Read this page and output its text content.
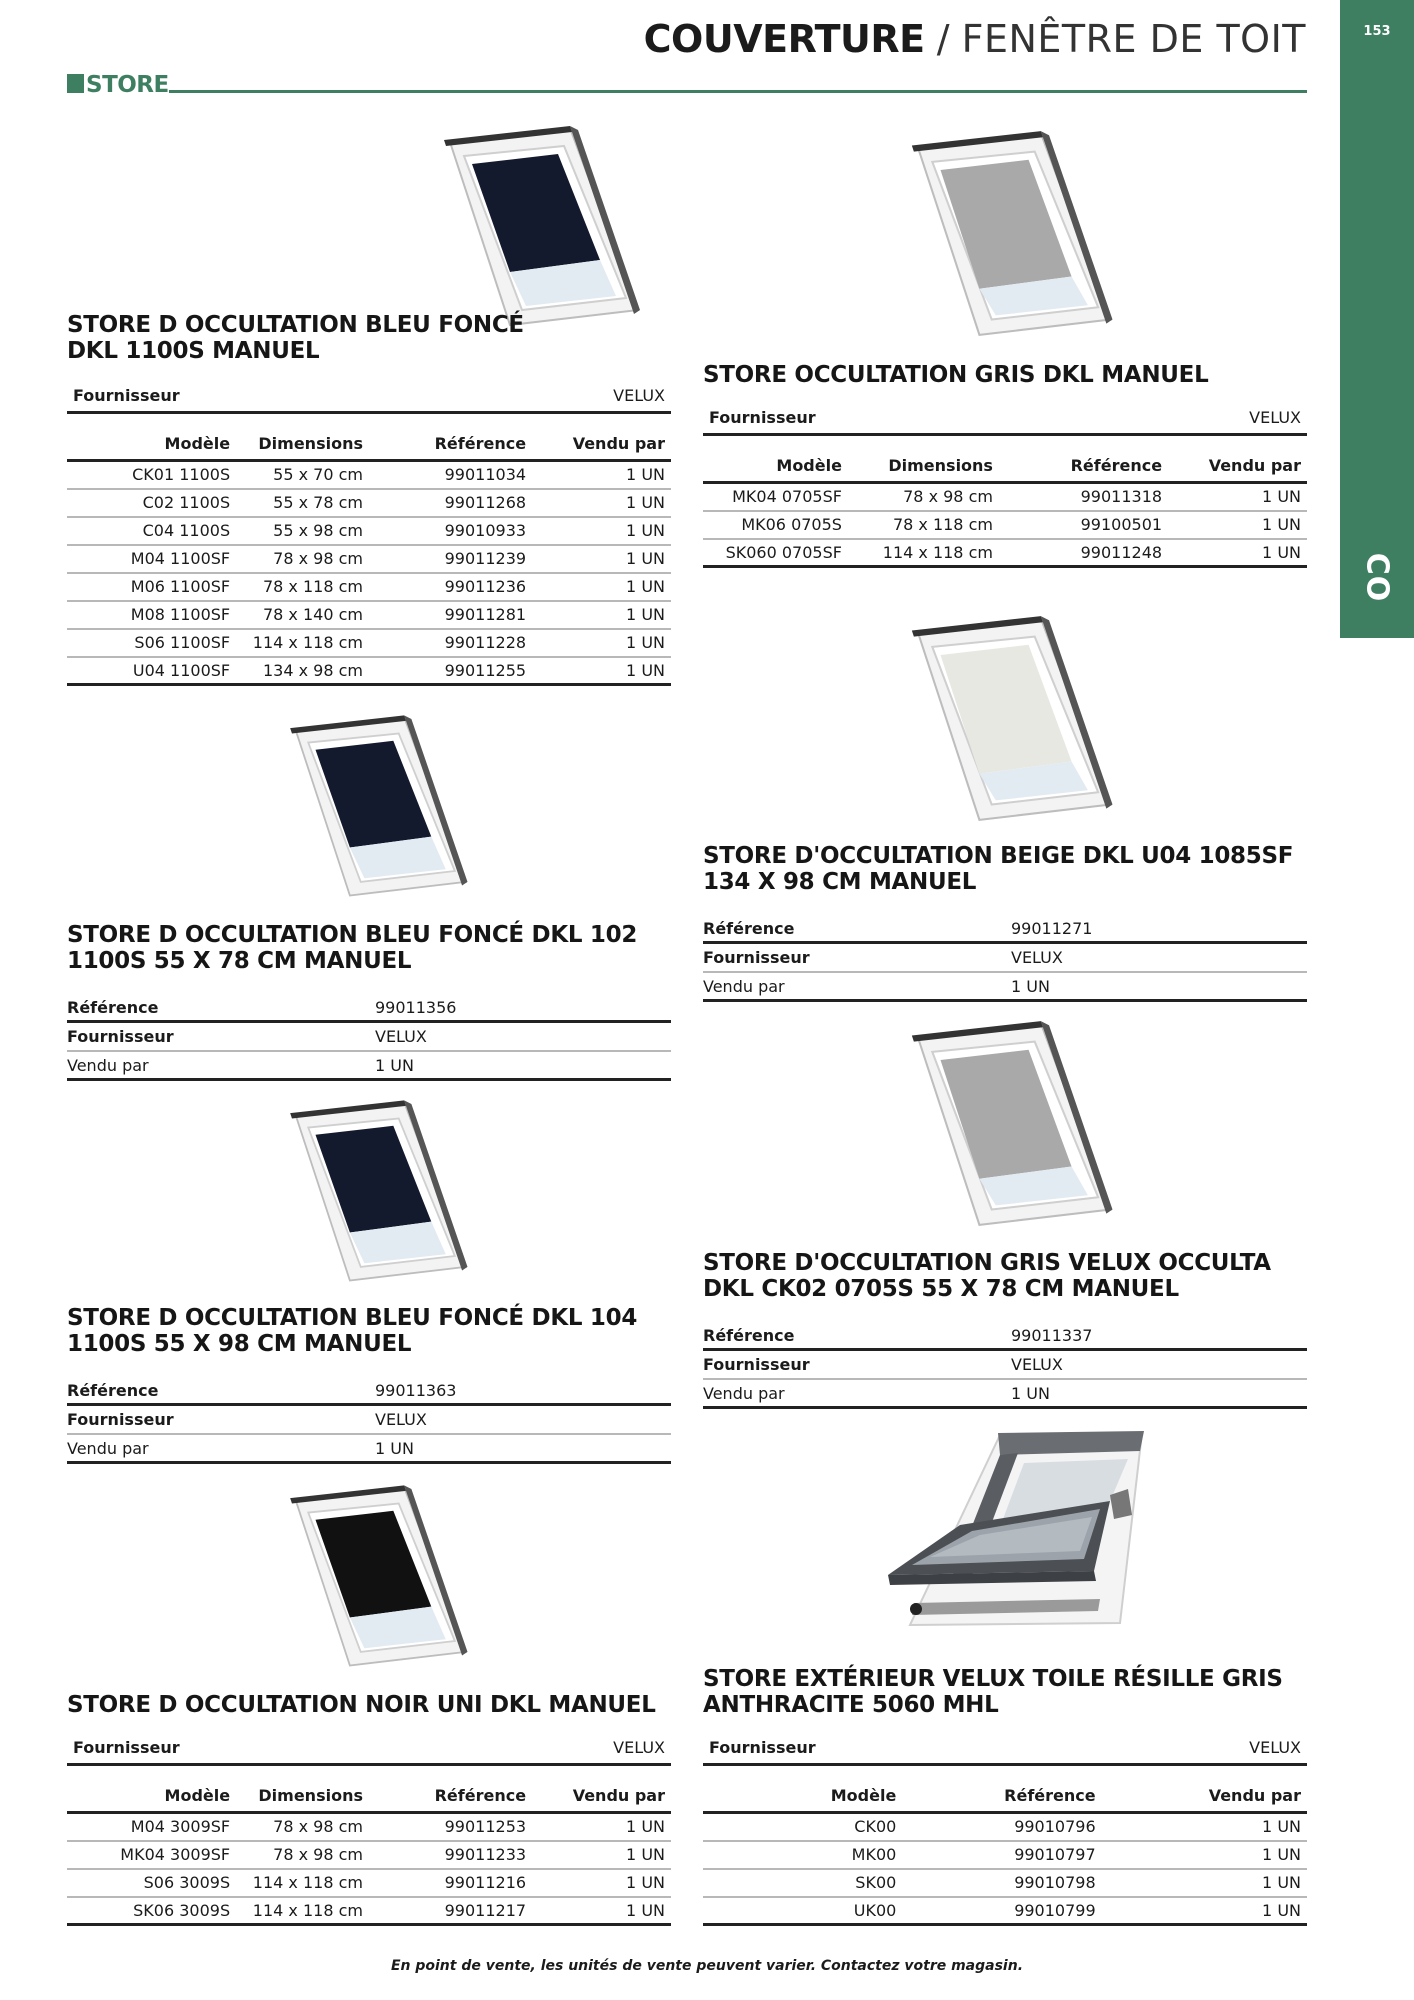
153
CO
COUVERTURE / FENÊTRE DE TOIT
STORE
STORE D OCCULTATION BLEU FONCÉ DKL 1100S MANUEL
Fournisseur	VELUX
Modèle	Dimensions	Référence	Vendu par
CK01 1100S	55 x 70 cm	99011034	1 UN
C02 1100S	55 x 78 cm	99011268	1 UN
C04 1100S	55 x 98 cm	99010933	1 UN
M04 1100SF	78 x 98 cm	99011239	1 UN
M06 1100SF	78 x 118 cm	99011236	1 UN
M08 1100SF	78 x 140 cm	99011281	1 UN
S06 1100SF	114 x 118 cm	99011228	1 UN
U04 1100SF	134 x 98 cm	99011255	1 UN
STORE OCCULTATION GRIS DKL MANUEL
Fournisseur	VELUX
Modèle	Dimensions	Référence	Vendu par
MK04 0705SF	78 x 98 cm	99011318	1 UN
MK06 0705S	78 x 118 cm	99100501	1 UN
SK060 0705SF	114 x 118 cm	99011248	1 UN
STORE D OCCULTATION BLEU FONCÉ DKL 102 1100S 55 X 78 CM MANUEL
Référence	99011356
Fournisseur	VELUX
Vendu par	1 UN
STORE D'OCCULTATION BEIGE DKL U04 1085SF 134 X 98 CM MANUEL
Référence	99011271
Fournisseur	VELUX
Vendu par	1 UN
STORE D OCCULTATION BLEU FONCÉ DKL 104 1100S 55 X 98 CM MANUEL
Référence	99011363
Fournisseur	VELUX
Vendu par	1 UN
STORE D'OCCULTATION GRIS VELUX OCCULTA DKL CK02 0705S 55 X 78 CM MANUEL
Référence	99011337
Fournisseur	VELUX
Vendu par	1 UN
STORE D OCCULTATION NOIR UNI DKL MANUEL
Fournisseur	VELUX
Modèle	Dimensions	Référence	Vendu par
M04 3009SF	78 x 98 cm	99011253	1 UN
MK04 3009SF	78 x 98 cm	99011233	1 UN
S06 3009S	114 x 118 cm	99011216	1 UN
SK06 3009S	114 x 118 cm	99011217	1 UN
STORE EXTÉRIEUR VELUX TOILE RÉSILLE GRIS ANTHRACITE 5060 MHL
Fournisseur	VELUX
Modèle	Référence	Vendu par
CK00	99010796	1 UN
MK00	99010797	1 UN
SK00	99010798	1 UN
UK00	99010799	1 UN
En point de vente, les unités de vente peuvent varier. Contactez votre magasin.
